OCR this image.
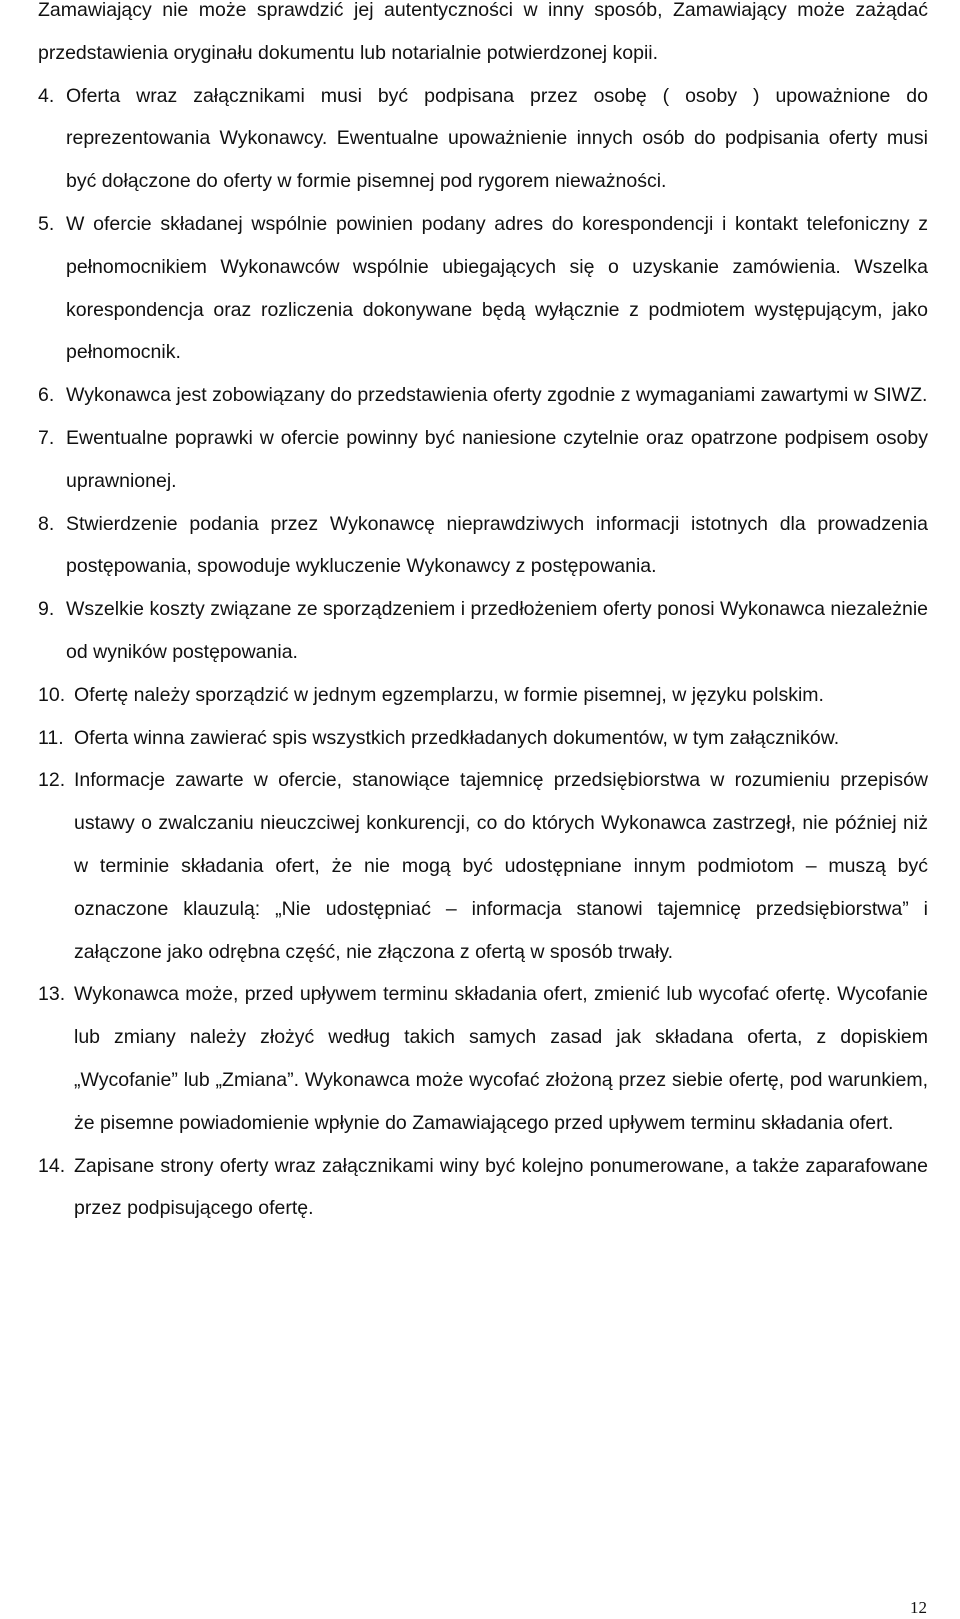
Zamawiający nie może sprawdzić jej autentyczności w inny sposób, Zamawiający może zażądać przedstawienia oryginału dokumentu lub notarialnie potwierdzonej kopii.
4. Oferta wraz załącznikami musi być podpisana przez osobę ( osoby ) upoważnione do reprezentowania Wykonawcy. Ewentualne upoważnienie innych osób do podpisania oferty musi być dołączone do oferty w formie pisemnej pod rygorem nieważności.
5. W ofercie składanej wspólnie powinien podany adres do korespondencji i kontakt telefoniczny z pełnomocnikiem Wykonawców wspólnie ubiegających się o uzyskanie zamówienia. Wszelka korespondencja oraz rozliczenia dokonywane będą wyłącznie z podmiotem występującym, jako pełnomocnik.
6. Wykonawca jest zobowiązany do przedstawienia oferty zgodnie z wymaganiami zawartymi w SIWZ.
7. Ewentualne poprawki w ofercie powinny być naniesione czytelnie oraz opatrzone podpisem osoby uprawnionej.
8. Stwierdzenie podania przez Wykonawcę nieprawdziwych informacji istotnych dla prowadzenia postępowania, spowoduje wykluczenie Wykonawcy z postępowania.
9. Wszelkie koszty związane ze sporządzeniem i przedłożeniem oferty ponosi Wykonawca niezależnie od wyników postępowania.
10. Ofertę należy sporządzić w jednym egzemplarzu, w formie pisemnej, w języku polskim.
11. Oferta winna zawierać spis wszystkich przedkładanych dokumentów, w tym załączników.
12. Informacje zawarte w ofercie, stanowiące tajemnicę przedsiębiorstwa w rozumieniu przepisów ustawy o zwalczaniu nieuczciwej konkurencji, co do których Wykonawca zastrzegł, nie później niż w terminie składania ofert, że nie mogą być udostępniane innym podmiotom – muszą być oznaczone klauzulą: „Nie udostępniać – informacja stanowi tajemnicę przedsiębiorstwa” i załączone jako odrębna część, nie złączona z ofertą w sposób trwały.
13. Wykonawca może, przed upływem terminu składania ofert, zmienić lub wycofać ofertę. Wycofanie lub zmiany należy złożyć według takich samych zasad jak składana oferta, z dopiskiem „Wycofanie” lub „Zmiana”. Wykonawca może wycofać złożoną przez siebie ofertę, pod warunkiem, że pisemne powiadomienie wpłynie do Zamawiającego przed upływem terminu składania ofert.
14. Zapisane strony oferty wraz załącznikami winy być kolejno ponumerowane, a także zaparafowane przez podpisującego ofertę.
12
